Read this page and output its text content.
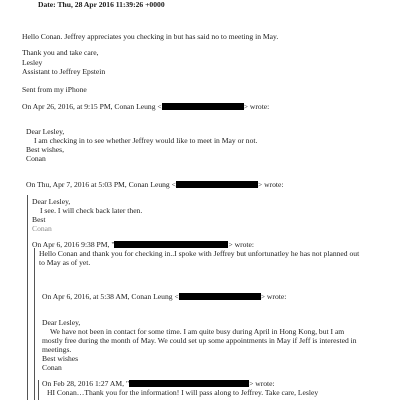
Date: Thu, 28 Apr 2016 11:39:26 +0000
Hello Conan. Jeffrey appreciates you checking in but has said no to meeting in May.
Thank you and take care,
Lesley
Assistant to Jeffrey Epstein
Sent from my iPhone
On Apr 26, 2016, at 9:15 PM, Conan Leung <	> wrote:
Dear Lesley,
I am checking in to see whether Jeffrey would like to meet in May or not.
Best wishes,
Conan
On Thu, Apr 7, 2016 at 5:03 PM, Conan Leung <	> wrote:
Dear Lesley,
I see. I will check back later then.
Best
Conan
On Apr 6, 2016 9:38 PM, "	> wrote:
Hello Conan and thank you for checking in..I spoke with Jeffrey but unfortunatley he has not planned out
to May as of yet.
On Apr 6, 2016, at 5:38 AM, Conan Leung <	> wrote:
Dear Lesley,
We have not been in contact for some time. I am quite busy during April in Hong Kong, but I am
mostly free during the month of May. We could set up some appointments in May if Jeff is interested in
meetings.
Best wishes
Conan
On Feb 28, 2016 1:27 AM, "	> wrote:
HI Conan…Thank you for the information! I will pass along to Jeffrey. Take care, Lesley
